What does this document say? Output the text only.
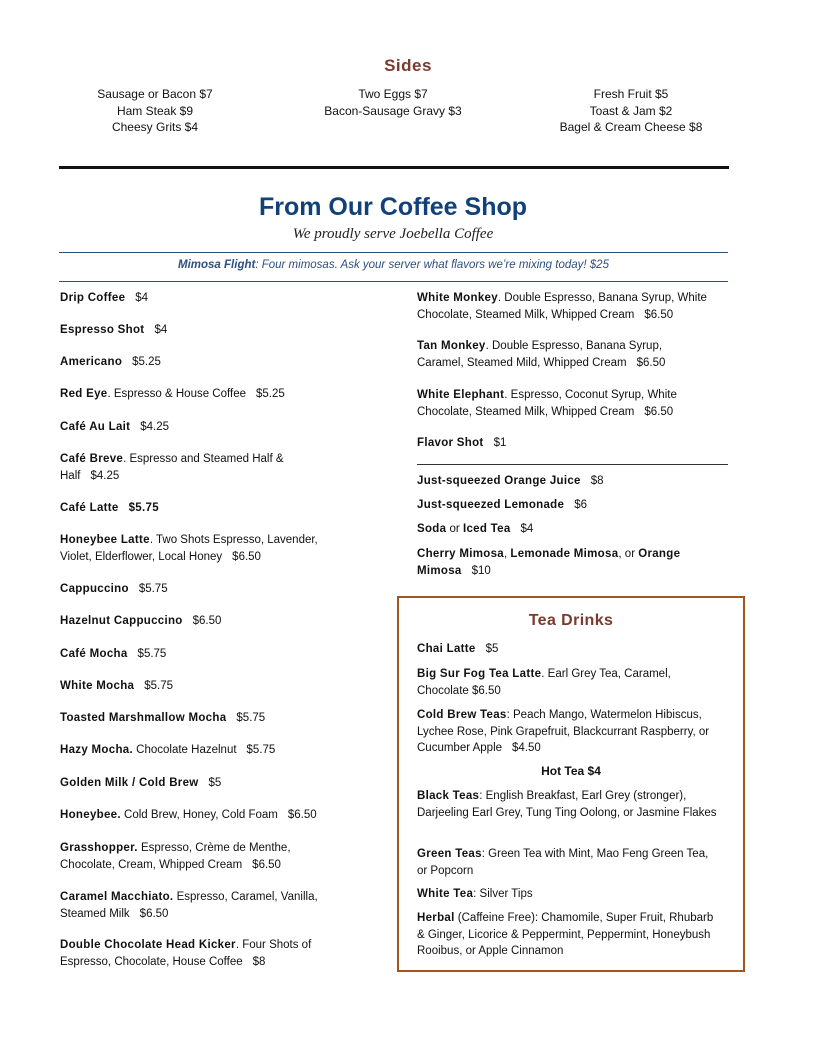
Sides
Sausage or Bacon $7
Ham Steak $9
Cheesy Grits $4
Two Eggs $7
Bacon-Sausage Gravy $3
Fresh Fruit $5
Toast & Jam $2
Bagel & Cream Cheese $8
From Our Coffee Shop
We proudly serve Joebella Coffee
Mimosa Flight: Four mimosas. Ask your server what flavors we’re mixing today! $25
Drip Coffee $4
Espresso Shot $4
Americano $5.25
Red Eye. Espresso & House Coffee $5.25
Café Au Lait $4.25
Café Breve. Espresso and Steamed Half & Half $4.25
Café Latte $5.75
Honeybee Latte. Two Shots Espresso, Lavender, Violet, Elderflower, Local Honey $6.50
Cappuccino $5.75
Hazelnut Cappuccino $6.50
Café Mocha $5.75
White Mocha $5.75
Toasted Marshmallow Mocha $5.75
Hazy Mocha. Chocolate Hazelnut $5.75
Golden Milk / Cold Brew $5
Honeybee. Cold Brew, Honey, Cold Foam $6.50
Grasshopper. Espresso, Crème de Menthe, Chocolate, Cream, Whipped Cream $6.50
Caramel Macchiato. Espresso, Caramel, Vanilla, Steamed Milk $6.50
Double Chocolate Head Kicker. Four Shots of Espresso, Chocolate, House Coffee $8
White Monkey. Double Espresso, Banana Syrup, White Chocolate, Steamed Milk, Whipped Cream $6.50
Tan Monkey. Double Espresso, Banana Syrup, Caramel, Steamed Mild, Whipped Cream $6.50
White Elephant. Espresso, Coconut Syrup, White Chocolate, Steamed Milk, Whipped Cream $6.50
Flavor Shot $1
Just-squeezed Orange Juice $8
Just-squeezed Lemonade $6
Soda or Iced Tea $4
Cherry Mimosa, Lemonade Mimosa, or Orange Mimosa $10
Tea Drinks
Chai Latte $5
Big Sur Fog Tea Latte. Earl Grey Tea, Caramel, Chocolate $6.50
Cold Brew Teas: Peach Mango, Watermelon Hibiscus, Lychee Rose, Pink Grapefruit, Blackcurrant Raspberry, or Cucumber Apple $4.50
Hot Tea $4
Black Teas: English Breakfast, Earl Grey (stronger), Darjeeling Earl Grey, Tung Ting Oolong, or Jasmine Flakes
Green Teas: Green Tea with Mint, Mao Feng Green Tea, or Popcorn
White Tea: Silver Tips
Herbal (Caffeine Free): Chamomile, Super Fruit, Rhubarb & Ginger, Licorice & Peppermint, Peppermint, Honeybush Rooibus, or Apple Cinnamon
